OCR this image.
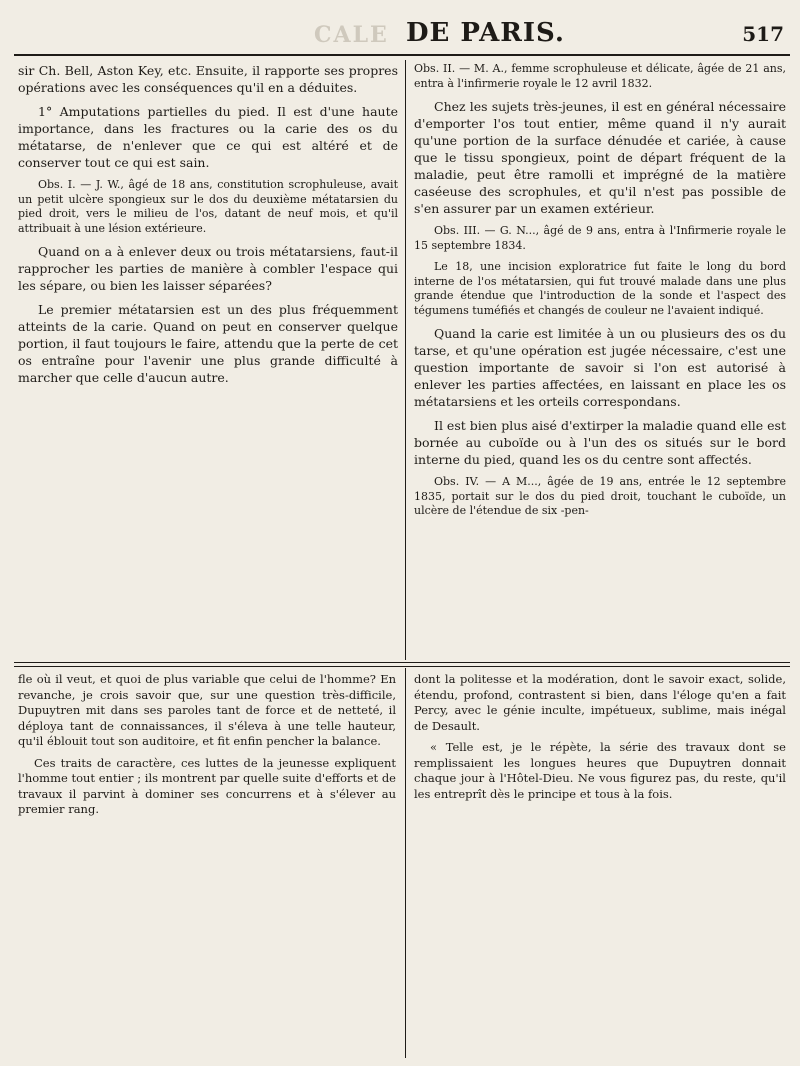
CALE DE PARIS.	517

sir Ch. Bell, Aston Key, etc. Ensuite, il rapporte ses propres opérations avec les conséquences qu'il en a déduites.

1° Amputations partielles du pied. Il est d'une haute importance, dans les fractures ou la carie des os du métatarse, de n'enlever que ce qui est altéré et de conserver tout ce qui est sain.

Obs. I. — J. W., âgé de 18 ans, constitution scrophuleuse, avait un petit ulcère spongieux sur le dos du deuxième métatarsien du pied droit, vers le milieu de l'os, datant de neuf mois, et qu'il attribuait à une lésion extérieure.

Quand on a à enlever deux ou trois métatarsiens, faut-il rapprocher les parties de manière à combler l'espace qui les sépare, ou bien les laisser séparées?

Le premier métatarsien est un des plus fréquemment atteints de la carie. Quand on peut en conserver quelque portion, il faut toujours le faire, attendu que la perte de cet os entraîne pour l'avenir une plus grande difficulté à marcher que celle d'aucun autre.

Obs. II. — M. A., femme scrophuleuse et délicate, âgée de 21 ans, entra à l'infirmerie royale le 12 avril 1832.

Chez les sujets très-jeunes, il est en général nécessaire d'emporter l'os tout entier, même quand il n'y aurait qu'une portion de la surface dénudée et cariée, à cause que le tissu spongieux, point de départ fréquent de la maladie, peut être ramolli et imprégné de la matière caséeuse des scrophules, et qu'il n'est pas possible de s'en assurer par un examen extérieur.

Obs. III. — G. N..., âgé de 9 ans, entra à l'Infirmerie royale le 15 septembre 1834.

Le 18, une incision exploratrice fut faite le long du bord interne de l'os métatarsien, qui fut trouvé malade dans une plus grande étendue que l'introduction de la sonde et l'aspect des tégumens tuméfiés et changés de couleur ne l'avaient indiqué.

Quand la carie est limitée à un ou plusieurs des os du tarse, et qu'une opération est jugée nécessaire, c'est une question importante de savoir si l'on est autorisé à enlever les parties affectées, en laissant en place les os métatarsiens et les orteils correspondans.

Il est bien plus aisé d'extirper la maladie quand elle est bornée au cuboïde ou à l'un des os situés sur le bord interne du pied, quand les os du centre sont affectés.

Obs. IV. — A M..., âgée de 19 ans, entrée le 12 septembre 1835, portait sur le dos du pied droit, touchant le cuboïde, un ulcère de l'étendue de six -pen-

fle où il veut, et quoi de plus variable que celui de l'homme? En revanche, je crois savoir que, sur une question très-difficile, Dupuytren mit dans ses paroles tant de force et de netteté, il déploya tant de connaissances, il s'éleva à une telle hauteur, qu'il éblouit tout son auditoire, et fit enfin pencher la balance.

Ces traits de caractère, ces luttes de la jeunesse expliquent l'homme tout entier ; ils montrent par quelle suite d'efforts et de travaux il parvint à dominer ses concurrens et à s'élever au premier rang.

dont la politesse et la modération, dont le savoir exact, solide, étendu, profond, contrastent si bien, dans l'éloge qu'en a fait Percy, avec le génie inculte, impétueux, sublime, mais inégal de Desault.

« Telle est, je le répète, la série des travaux dont se remplissaient les longues heures que Dupuytren donnait chaque jour à l'Hôtel-Dieu. Ne vous figurez pas, du reste, qu'il les entreprît dès le principe et tous à la fois.
